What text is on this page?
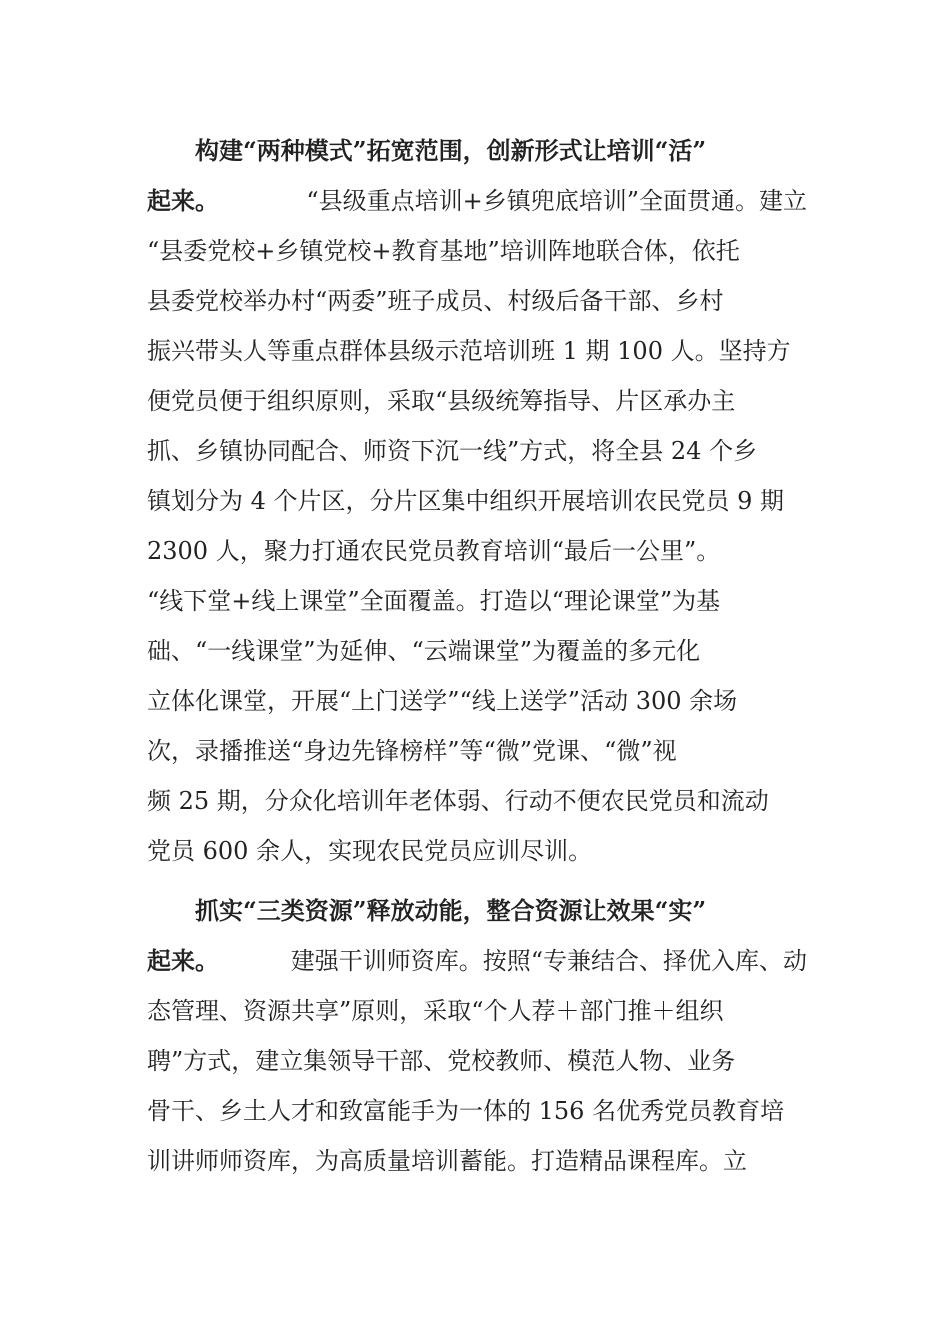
构建“两种模式”拓宽范围，创新形式让培训“活”
起来。	“县级重点培训+乡镇兜底培训”全面贯通。建立
“县委党校+乡镇党校+教育基地”培训阵地联合体，依托
县委党校举办村“两委”班子成员、村级后备干部、乡村
振兴带头人等重点群体县级示范培训班 1 期 100 人。坚持方
便党员便于组织原则，采取“县级统筹指导、片区承办主
抓、乡镇协同配合、师资下沉一线”方式，将全县 24 个乡
镇划分为 4 个片区，分片区集中组织开展培训农民党员 9 期
2300 人，聚力打通农民党员教育培训“最后一公里”。
“线下堂+线上课堂”全面覆盖。打造以“理论课堂”为基
础、“一线课堂”为延伸、“云端课堂”为覆盖的多元化
立体化课堂，开展“上门送学”“线上送学”活动 300 余场
次，录播推送“身边先锋榜样”等“微”党课、“微”视
频 25 期，分众化培训年老体弱、行动不便农民党员和流动
党员 600 余人，实现农民党员应训尽训。
抓实“三类资源”释放动能，整合资源让效果“实”
起来。	建强干训师资库。按照“专兼结合、择优入库、动
态管理、资源共享”原则，采取“个人荐＋部门推＋组织
聘”方式，建立集领导干部、党校教师、模范人物、业务
骨干、乡土人才和致富能手为一体的 156 名优秀党员教育培
训讲师师资库，为高质量培训蓄能。打造精品课程库。立
